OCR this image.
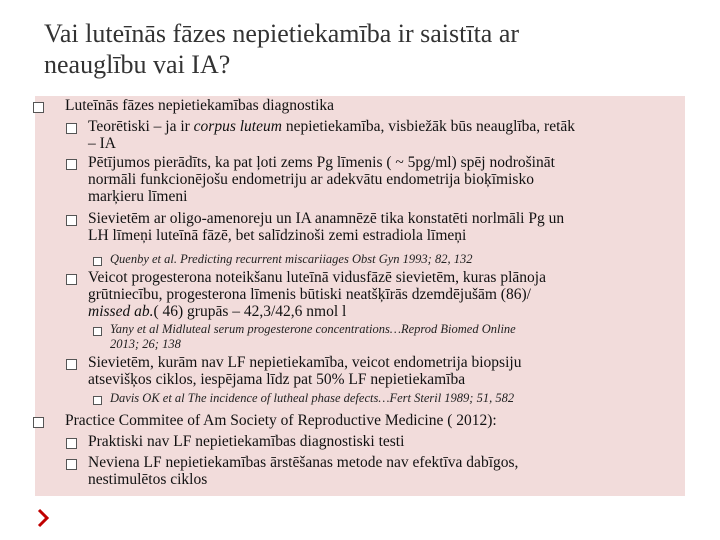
Vai luteīnās fāzes nepietiekamība ir saistīta ar
neauglību vai IA?
Luteīnās fāzes nepietiekamības diagnostika
Teorētiski – ja ir corpus luteum nepietiekamība, visbiežāk būs neauglība, retāk
– IA
Pētījumos pierādīts, ka pat ļoti zems Pg līmenis ( ~ 5pg/ml) spēj nodrošināt
normāli funkcionējošu endometriju ar adekvātu endometrija bioķīmisko
marķieru līmeni
Sievietēm ar oligo-amenoreju un IA anamnēzē tika konstatēti norlmāli Pg un
LH līmeņi luteīnā fāzē, bet salīdzinoši zemi estradiola līmeņi
Quenby et al. Predicting recurrent miscariiages Obst Gyn 1993; 82, 132
Veicot progesterona noteikšanu luteīnā vidusfāzē sievietēm, kuras plānoja
grūtniecību, progesterona līmenis būtiski neatšķīrās dzemdējušām (86)/
missed ab.( 46) grupās – 42,3/42,6 nmol l
Yany et al Midluteal serum progesterone concentrations…Reprod Biomed Online
2013; 26; 138
Sievietēm, kurām nav LF nepietiekamība, veicot endometrija biopsiju
atsevišķos ciklos, iespējama līdz pat 50% LF nepietiekamība
Davis OK et al The incidence of lutheal phase defects…Fert Steril 1989; 51, 582
Practice Commitee of Am Society of Reproductive Medicine ( 2012):
Praktiski nav LF nepietiekamības diagnostiski testi
Neviena LF nepietiekamības ārstēšanas metode nav efektīva dabīgos,
nestimulētos ciklos
